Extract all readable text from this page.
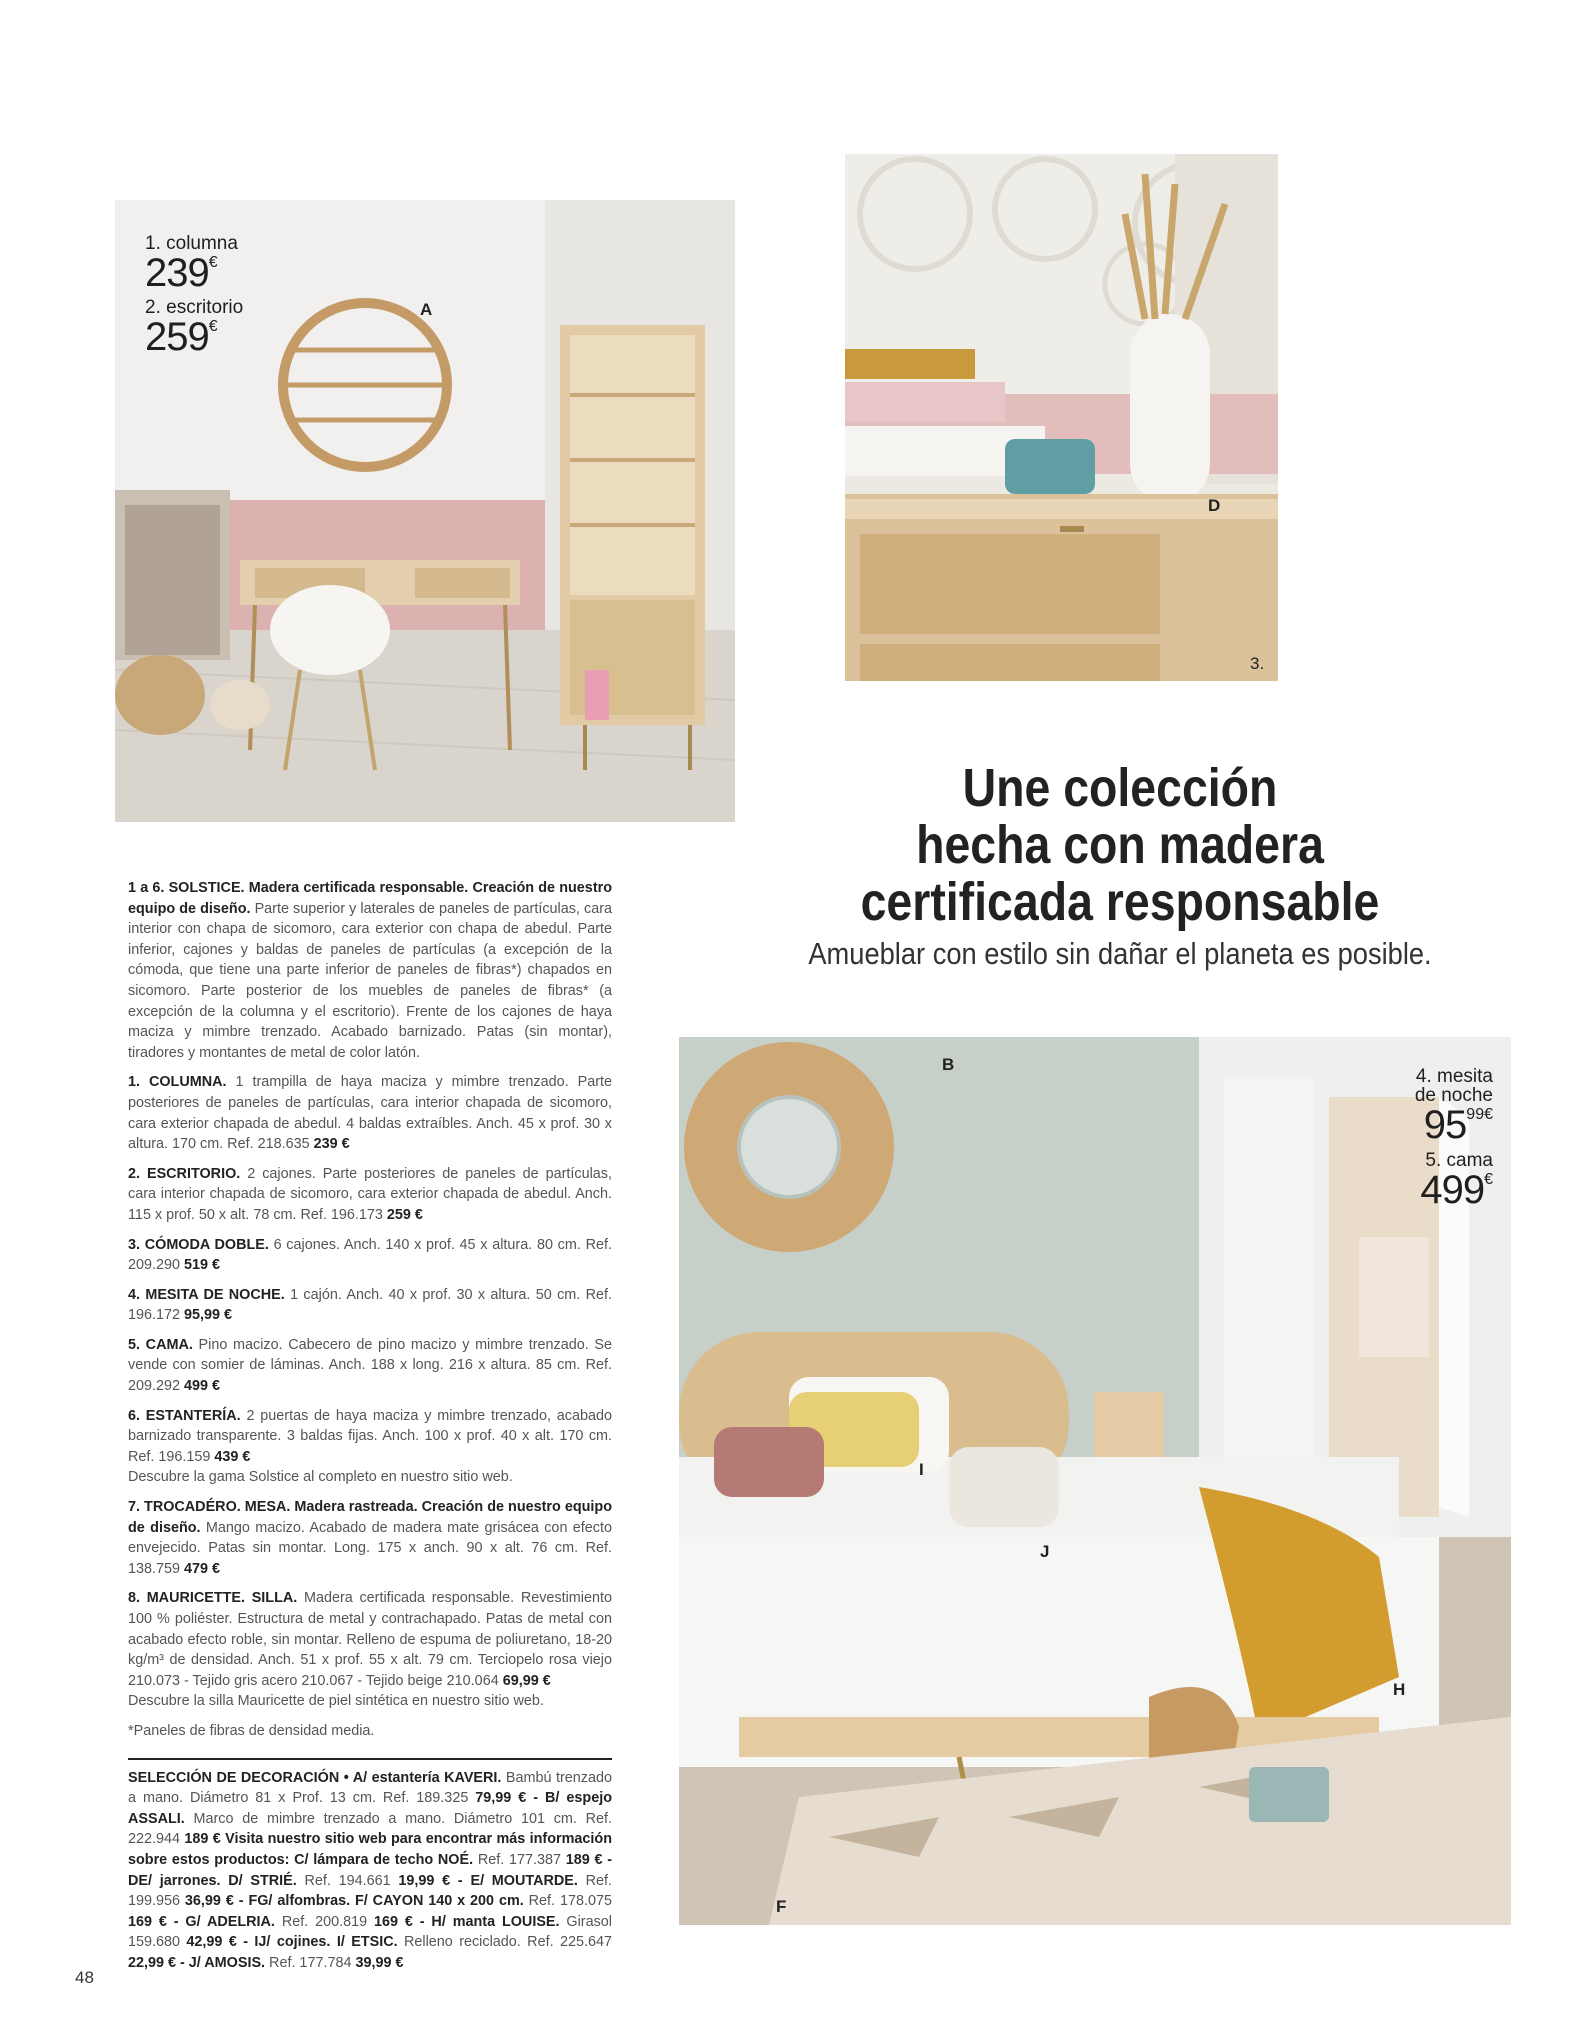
1. columna
239€
2. escritorio
259€
A
D
3.
Une colección
hecha con madera
certificada responsable
Amueblar con estilo sin dañar el planeta es posible.
B
I
J
H
F
4. mesita
de noche
9599€
5. cama
499€

1 a 6. SOLSTICE. Madera certificada responsable. Creación de nuestro equipo de diseño. Parte superior y laterales de paneles de partículas, cara interior con chapa de sicomoro, cara exterior con chapa de abedul. Parte inferior, cajones y baldas de paneles de partículas (a excepción de la cómoda, que tiene una parte inferior de paneles de fibras*) chapados en sicomoro. Parte posterior de los muebles de paneles de fibras* (a excepción de la columna y el escritorio). Frente de los cajones de haya maciza y mimbre trenzado. Acabado barnizado. Patas (sin montar), tiradores y montantes de metal de color latón.

1. COLUMNA. 1 trampilla de haya maciza y mimbre trenzado. Parte posteriores de paneles de partículas, cara interior chapada de sicomoro, cara exterior chapada de abedul. 4 baldas extraíbles. Anch. 45 x prof. 30 x altura. 170 cm. Ref. 218.635 239 €

2. ESCRITORIO. 2 cajones. Parte posteriores de paneles de partículas, cara interior chapada de sicomoro, cara exterior chapada de abedul. Anch. 115 x prof. 50 x alt. 78 cm. Ref. 196.173 259 €

3. CÓMODA DOBLE. 6 cajones. Anch. 140 x prof. 45 x altura. 80 cm. Ref. 209.290 519 €

4. MESITA DE NOCHE. 1 cajón. Anch. 40 x prof. 30 x altura. 50 cm. Ref. 196.172 95,99 €

5. CAMA. Pino macizo. Cabecero de pino macizo y mimbre trenzado. Se vende con somier de láminas. Anch. 188 x long. 216 x altura. 85 cm. Ref. 209.292 499 €

6. ESTANTERÍA. 2 puertas de haya maciza y mimbre trenzado, acabado barnizado transparente. 3 baldas fijas. Anch. 100 x prof. 40 x alt. 170 cm. Ref. 196.159 439 €
Descubre la gama Solstice al completo en nuestro sitio web.

7. TROCADÉRO. MESA. Madera rastreada. Creación de nuestro equipo de diseño. Mango macizo. Acabado de madera mate grisácea con efecto envejecido. Patas sin montar. Long. 175 x anch. 90 x alt. 76 cm. Ref. 138.759 479 €

8. MAURICETTE. SILLA. Madera certificada responsable. Revestimiento 100 % poliéster. Estructura de metal y contrachapado. Patas de metal con acabado efecto roble, sin montar. Relleno de espuma de poliuretano, 18-20 kg/m³ de densidad. Anch. 51 x prof. 55 x alt. 79 cm. Terciopelo rosa viejo 210.073 - Tejido gris acero 210.067 - Tejido beige 210.064 69,99 €
Descubre la silla Mauricette de piel sintética en nuestro sitio web.

*Paneles de fibras de densidad media.

SELECCIÓN DE DECORACIÓN • A/ estantería KAVERI. Bambú trenzado a mano. Diámetro 81 x Prof. 13 cm. Ref. 189.325 79,99 € - B/ espejo ASSALI. Marco de mimbre trenzado a mano. Diámetro 101 cm. Ref. 222.944 189 € Visita nuestro sitio web para encontrar más información sobre estos productos: C/ lámpara de techo NOÉ. Ref. 177.387 189 € - DE/ jarrones. D/ STRIÉ. Ref. 194.661 19,99 € - E/ MOUTARDE. Ref. 199.956 36,99 € - FG/ alfombras. F/ CAYON 140 x 200 cm. Ref. 178.075 169 € - G/ ADELRIA. Ref. 200.819 169 € - H/ manta LOUISE. Girasol 159.680 42,99 € - IJ/ cojines. I/ ETSIC. Relleno reciclado. Ref. 225.647 22,99 € - J/ AMOSIS. Ref. 177.784 39,99 €

48
